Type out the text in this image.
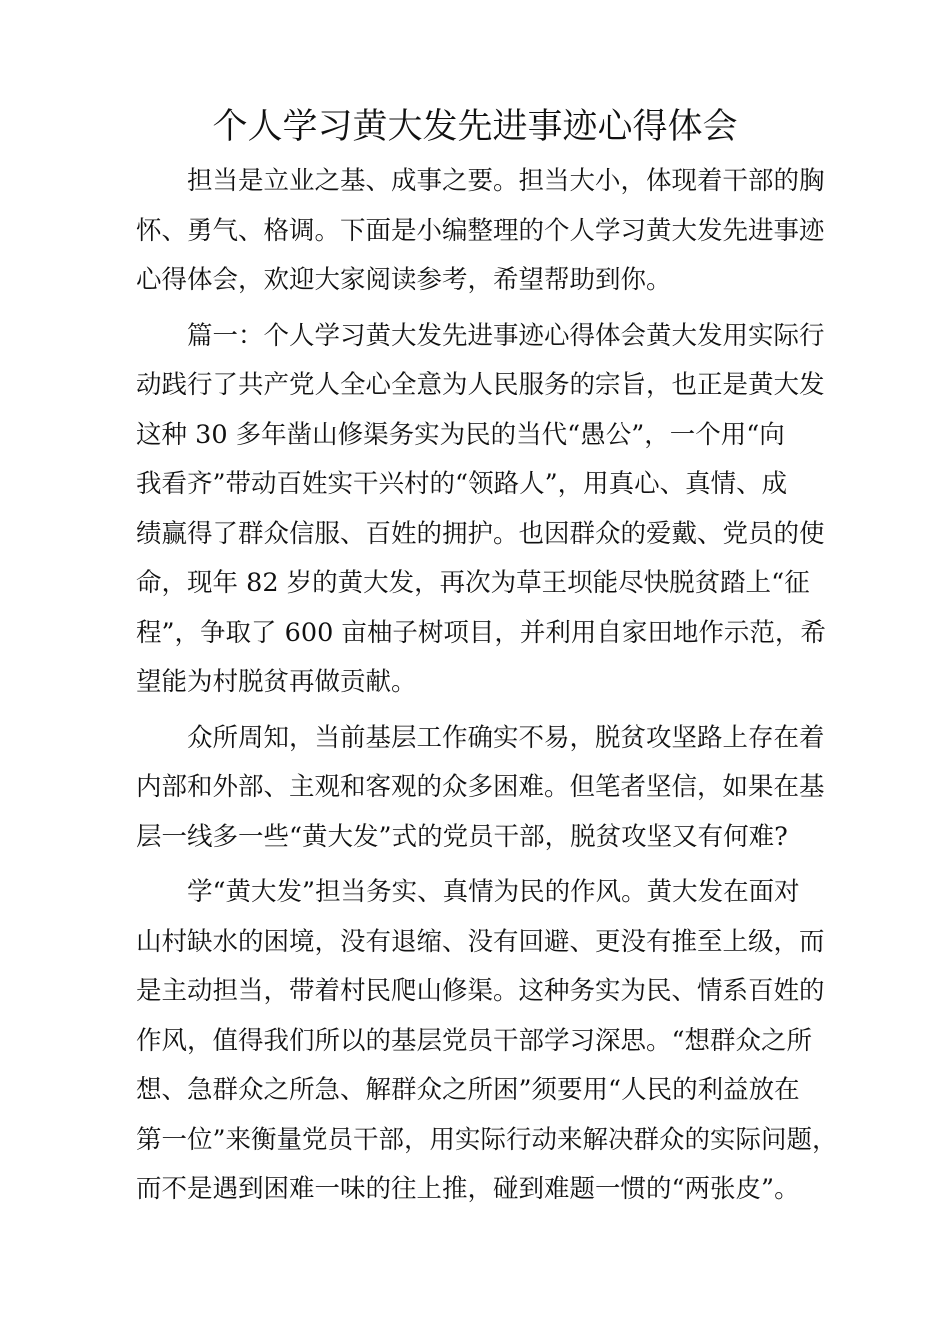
个人学习黄大发先进事迹心得体会
担当是立业之基、成事之要。担当大小，体现着干部的胸
怀、勇气、格调。下面是小编整理的个人学习黄大发先进事迹
心得体会，欢迎大家阅读参考，希望帮助到你。
篇一：个人学习黄大发先进事迹心得体会黄大发用实际行
动践行了共产党人全心全意为人民服务的宗旨，也正是黄大发
这种 30 多年凿山修渠务实为民的当代“愚公”，一个用“向
我看齐”带动百姓实干兴村的“领路人”，用真心、真情、成
绩赢得了群众信服、百姓的拥护。也因群众的爱戴、党员的使
命，现年 82 岁的黄大发，再次为草王坝能尽快脱贫踏上“征
程”，争取了 600 亩柚子树项目，并利用自家田地作示范，希
望能为村脱贫再做贡献。
众所周知，当前基层工作确实不易，脱贫攻坚路上存在着
内部和外部、主观和客观的众多困难。但笔者坚信，如果在基
层一线多一些“黄大发”式的党员干部，脱贫攻坚又有何难?
学“黄大发”担当务实、真情为民的作风。黄大发在面对
山村缺水的困境，没有退缩、没有回避、更没有推至上级，而
是主动担当，带着村民爬山修渠。这种务实为民、情系百姓的
作风，值得我们所以的基层党员干部学习深思。“想群众之所
想、急群众之所急、解群众之所困”须要用“人民的利益放在
第一位”来衡量党员干部，用实际行动来解决群众的实际问题，
而不是遇到困难一味的往上推，碰到难题一惯的“两张皮”。
